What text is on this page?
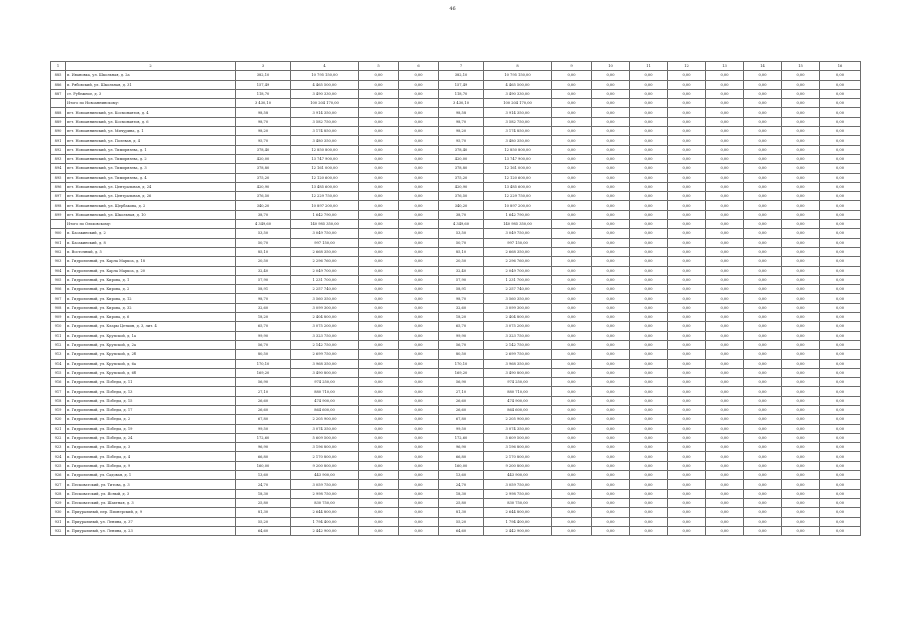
46
1	2	3	4	5	6	7	8	9	10	11	12	13	14	15	16
885	п. Ивановка, ул. Школьная, д. 2а	382,10	10 795 150,00	0,00	0,00	382,10	10 795 150,00	0,00	0,00	0,00	0,00	0,00	0,00	0,00	0,00
886	п. Рябовский, ул. Школьная, д. 31	157,49	4 465 500,00	0,00	0,00	157,49	4 465 500,00	0,00	0,00	0,00	0,00	0,00	0,00	0,00	0,00
887	ст. Рубежное, д. 3	118,70	3 490 330,00	0,00	0,00	118,70	3 490 330,00	0,00	0,00	0,00	0,00	0,00	0,00	0,00	0,00
	Итого по Новоаннинскому:	3 430,10	100 204 170,00	0,00	0,00	3 430,10	100 204 170,00	0,00	0,00	0,00	0,00	0,00	0,00	0,00	0,00
888	пгт. Новоаннинский, ул. Космонавтов, д. 4	98,58	3 914 350,00	0,00	0,00	98,58	3 914 350,00	0,00	0,00	0,00	0,00	0,00	0,00	0,00	0,00
889	пгт. Новоаннинский, ул. Космонавтов, д. 6	98,70	3 582 750,00	0,00	0,00	98,70	3 582 750,00	0,00	0,00	0,00	0,00	0,00	0,00	0,00	0,00
890	пгт. Новоаннинский, ул. Мичурина, д. 1	98,20	3 174 850,00	0,00	0,00	98,20	3 174 850,00	0,00	0,00	0,00	0,00	0,00	0,00	0,00	0,00
891	пгт. Новоаннинский, ул. Полевая, д. 4	95,70	3 480 350,00	0,00	0,00	95,70	3 480 350,00	0,00	0,00	0,00	0,00	0,00	0,00	0,00	0,00
892	пгт. Новоаннинский, ул. Тимирязева, д. 1	378,40	12 850 800,00	0,00	0,00	378,40	12 850 800,00	0,00	0,00	0,00	0,00	0,00	0,00	0,00	0,00
893	пгт. Новоаннинский, ул. Тимирязева, д. 2	420,00	13 747 900,00	0,00	0,00	420,00	13 747 900,00	0,00	0,00	0,00	0,00	0,00	0,00	0,00	0,00
894	пгт. Новоаннинский, ул. Тимирязева, д. 3	378,80	12 161 000,00	0,00	0,00	378,80	12 161 000,00	0,00	0,00	0,00	0,00	0,00	0,00	0,00	0,00
895	пгт. Новоаннинский, ул. Тимирязева, д. 4	375,20	12 120 600,00	0,00	0,00	375,20	12 120 600,00	0,00	0,00	0,00	0,00	0,00	0,00	0,00	0,00
896	пгт. Новоаннинский, ул. Центральная, д. 24	420,90	13 485 600,00	0,00	0,00	420,90	13 485 600,00	0,00	0,00	0,00	0,00	0,00	0,00	0,00	0,00
897	пгт. Новоаннинский, ул. Центральная, д. 26	376,50	12 229 750,00	0,00	0,00	376,50	12 229 750,00	0,00	0,00	0,00	0,00	0,00	0,00	0,00	0,00
898	пгт. Новоаннинский, ул. Щербакова, д. 2	340,20	10 897 200,00	0,00	0,00	340,20	10 897 200,00	0,00	0,00	0,00	0,00	0,00	0,00	0,00	0,00
899	пгт. Новоаннинский, ул. Школьная, д. 10	38,70	1 642 790,00	0,00	0,00	38,70	1 642 790,00	0,00	0,00	0,00	0,00	0,00	0,00	0,00	0,00
	Итого по Ольховскому:	4 349,60	140 985 350,00	0,00	0,00	4 349,60	140 985 350,00	0,00	0,00	0,00	0,00	0,00	0,00	0,00	0,00
900	п. Басакинский, д. 2	53,50	3 049 750,00	0,00	0,00	53,50	3 049 750,00	0,00	0,00	0,00	0,00	0,00	0,00	0,00	0,00
901	п. Басакинский, д. 8	50,70	997 150,00	0,00	0,00	50,70	997 150,00	0,00	0,00	0,00	0,00	0,00	0,00	0,00	0,00
902	п. Восточный, д. 5	85,10	2 668 350,00	0,00	0,00	85,10	2 668 350,00	0,00	0,00	0,00	0,00	0,00	0,00	0,00	0,00
903	п. Гидролизный, ул. Карла Маркса, д. 18	20,50	2 296 760,00	0,00	0,00	20,50	2 296 760,00	0,00	0,00	0,00	0,00	0,00	0,00	0,00	0,00
904	п. Гидролизный, ул. Карла Маркса, д. 20	32,40	2 049 700,00	0,00	0,00	32,40	2 049 700,00	0,00	0,00	0,00	0,00	0,00	0,00	0,00	0,00
905	п. Гидролизный, ул. Кирова, д. 1	57,90	1 231 700,00	0,00	0,00	57,90	1 231 700,00	0,00	0,00	0,00	0,00	0,00	0,00	0,00	0,00
906	п. Гидролизный, ул. Кирова, д. 2	58,91	2 257 740,00	0,00	0,00	58,91	2 257 740,00	0,00	0,00	0,00	0,00	0,00	0,00	0,00	0,00
907	п. Гидролизный, ул. Кирова, д. 12	98,70	3 560 350,00	0,00	0,00	98,70	3 560 350,00	0,00	0,00	0,00	0,00	0,00	0,00	0,00	0,00
908	п. Гидролизный, ул. Кирова, д. 32	32,60	3 099 300,00	0,00	0,00	32,60	3 099 300,00	0,00	0,00	0,00	0,00	0,00	0,00	0,00	0,00
909	п. Гидролизный, ул. Кирова, д. 6	18,20	2 404 800,00	0,00	0,00	18,20	2 404 800,00	0,00	0,00	0,00	0,00	0,00	0,00	0,00	0,00
910	п. Гидролизный, ул. Клары Цеткин, д. 3, лит. 4	65,70	3 075 200,00	0,00	0,00	65,70	3 075 200,00	0,00	0,00	0,00	0,00	0,00	0,00	0,00	0,00
911	п. Гидролизный, ул. Крупской, д. 1а	99,90	3 323 750,00	0,00	0,00	99,90	3 323 750,00	0,00	0,00	0,00	0,00	0,00	0,00	0,00	0,00
912	п. Гидролизный, ул. Крупской, д. 2а	56,70	2 142 750,00	0,00	0,00	56,70	2 142 750,00	0,00	0,00	0,00	0,00	0,00	0,00	0,00	0,00
913	п. Гидролизный, ул. Крупской, д. 2б	80,50	2 699 750,00	0,00	0,00	80,50	2 699 750,00	0,00	0,00	0,00	0,00	0,00	0,00	0,00	0,00
914	п. Гидролизный, ул. Крупской, д. 6а	170,10	3 968 350,00	0,00	0,00	170,10	3 968 350,00	0,00	0,00	0,00	0,00	0,00	0,00	0,00	0,00
915	п. Гидролизный, ул. Крупской, д. 6б	169,20	3 490 800,00	0,00	0,00	169,20	3 490 800,00	0,00	0,00	0,00	0,00	0,00	0,00	0,00	0,00
916	п. Гидролизный, ул. Победы, д. 11	56,90	974 250,00	0,00	0,00	56,90	974 250,00	0,00	0,00	0,00	0,00	0,00	0,00	0,00	0,00
917	п. Гидролизный, ул. Победы, д. 13	27,10	880 710,00	0,00	0,00	27,10	880 710,00	0,00	0,00	0,00	0,00	0,00	0,00	0,00	0,00
918	п. Гидролизный, ул. Победы, д. 15	26,60	474 900,00	0,00	0,00	26,60	474 900,00	0,00	0,00	0,00	0,00	0,00	0,00	0,00	0,00
919	п. Гидролизный, ул. Победы, д. 17	26,60	864 600,00	0,00	0,00	26,60	864 600,00	0,00	0,00	0,00	0,00	0,00	0,00	0,00	0,00
920	п. Гидролизный, ул. Победы, д. 2	67,80	2 205 900,00	0,00	0,00	67,80	2 205 900,00	0,00	0,00	0,00	0,00	0,00	0,00	0,00	0,00
921	п. Гидролизный, ул. Победы, д. 19	99,50	3 074 350,00	0,00	0,00	99,50	3 074 350,00	0,00	0,00	0,00	0,00	0,00	0,00	0,00	0,00
922	п. Гидролизный, ул. Победы, д. 24	172,60	5 609 500,00	0,00	0,00	172,60	5 609 500,00	0,00	0,00	0,00	0,00	0,00	0,00	0,00	0,00
923	п. Гидролизный, ул. Победы, д. 3	96,90	3 196 800,00	0,00	0,00	96,90	3 196 800,00	0,00	0,00	0,00	0,00	0,00	0,00	0,00	0,00
924	п. Гидролизный, ул. Победы, д. 4	66,80	2 170 800,00	0,00	0,00	66,80	2 170 800,00	0,00	0,00	0,00	0,00	0,00	0,00	0,00	0,00
925	п. Гидролизный, ул. Победы, д. 9	160,00	9 200 800,00	0,00	0,00	160,00	9 200 800,00	0,00	0,00	0,00	0,00	0,00	0,00	0,00	0,00
926	п. Гидролизный, ул. Садовая, д. 1	13,60	443 900,00	0,00	0,00	13,60	443 900,00	0,00	0,00	0,00	0,00	0,00	0,00	0,00	0,00
927	п. Песковатский, ул. Титова, д. 3	24,70	3 059 750,00	0,00	0,00	24,70	3 059 750,00	0,00	0,00	0,00	0,00	0,00	0,00	0,00	0,00
928	п. Песковатский, ул. Ясный, д. 3	18,30	2 998 750,00	0,00	0,00	18,30	2 998 750,00	0,00	0,00	0,00	0,00	0,00	0,00	0,00	0,00
929	п. Песковатский, ул. Шахтная, д. 3	25,80	830 750,00	0,00	0,00	25,80	830 750,00	0,00	0,00	0,00	0,00	0,00	0,00	0,00	0,00
930	п. Приуральный, пер. Пионерский, д. 9	81,30	2 644 800,00	0,00	0,00	81,30	2 644 800,00	0,00	0,00	0,00	0,00	0,00	0,00	0,00	0,00
931	п. Приуральный, ул. Ленина, д. 37	55,20	1 794 400,00	0,00	0,00	55,20	1 794 400,00	0,00	0,00	0,00	0,00	0,00	0,00	0,00	0,00
932	п. Приуральный, ул. Ленина, д. 23	64,60	2 442 900,00	0,00	0,00	64,60	2 442 900,00	0,00	0,00	0,00	0,00	0,00	0,00	0,00	0,00
